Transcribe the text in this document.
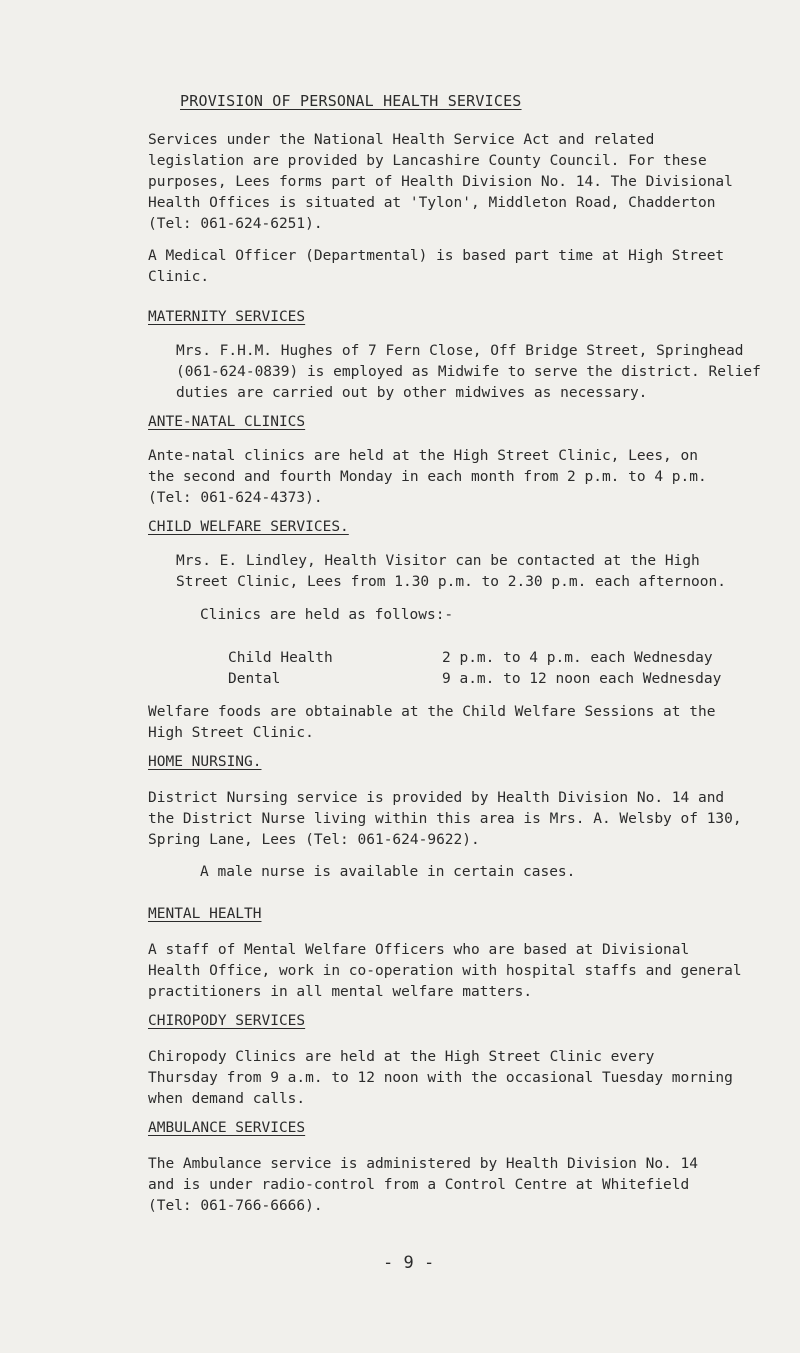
PROVISION OF PERSONAL HEALTH SERVICES
Services under the National Health Service Act and related
legislation are provided by Lancashire County Council. For these
purposes, Lees forms part of Health Division No. 14. The Divisional
Health Offices is situated at 'Tylon', Middleton Road, Chadderton
(Tel: 061-624-6251).
A Medical Officer (Departmental) is based part time at High Street
Clinic.
MATERNITY SERVICES
Mrs. F.H.M. Hughes of 7 Fern Close, Off Bridge Street, Springhead
(061-624-0839) is employed as Midwife to serve the district. Relief
duties are carried out by other midwives as necessary.
ANTE-NATAL CLINICS
Ante-natal clinics are held at the High Street Clinic, Lees, on
the second and fourth Monday in each month from 2 p.m. to 4 p.m.
(Tel: 061-624-4373).
CHILD WELFARE SERVICES.
Mrs. E. Lindley, Health Visitor can be contacted at the High
Street Clinic, Lees from 1.30 p.m. to 2.30 p.m. each afternoon.
Clinics are held as follows:-
Child Health	2 p.m. to 4 p.m. each Wednesday
Dental	9 a.m. to 12 noon each Wednesday
Welfare foods are obtainable at the Child Welfare Sessions at the
High Street Clinic.
HOME NURSING.
District Nursing service is provided by Health Division No. 14 and
the District Nurse living within this area is Mrs. A. Welsby of 130,
Spring Lane, Lees (Tel: 061-624-9622).
A male nurse is available in certain cases.
MENTAL HEALTH
A staff of Mental Welfare Officers who are based at Divisional
Health Office, work in co-operation with hospital staffs and general
practitioners in all mental welfare matters.
CHIROPODY SERVICES
Chiropody Clinics are held at the High Street Clinic every
Thursday from 9 a.m. to 12 noon with the occasional Tuesday morning
when demand calls.
AMBULANCE SERVICES
The Ambulance service is administered by Health Division No. 14
and is under radio-control from a Control Centre at Whitefield
(Tel: 061-766-6666).
- 9 -
